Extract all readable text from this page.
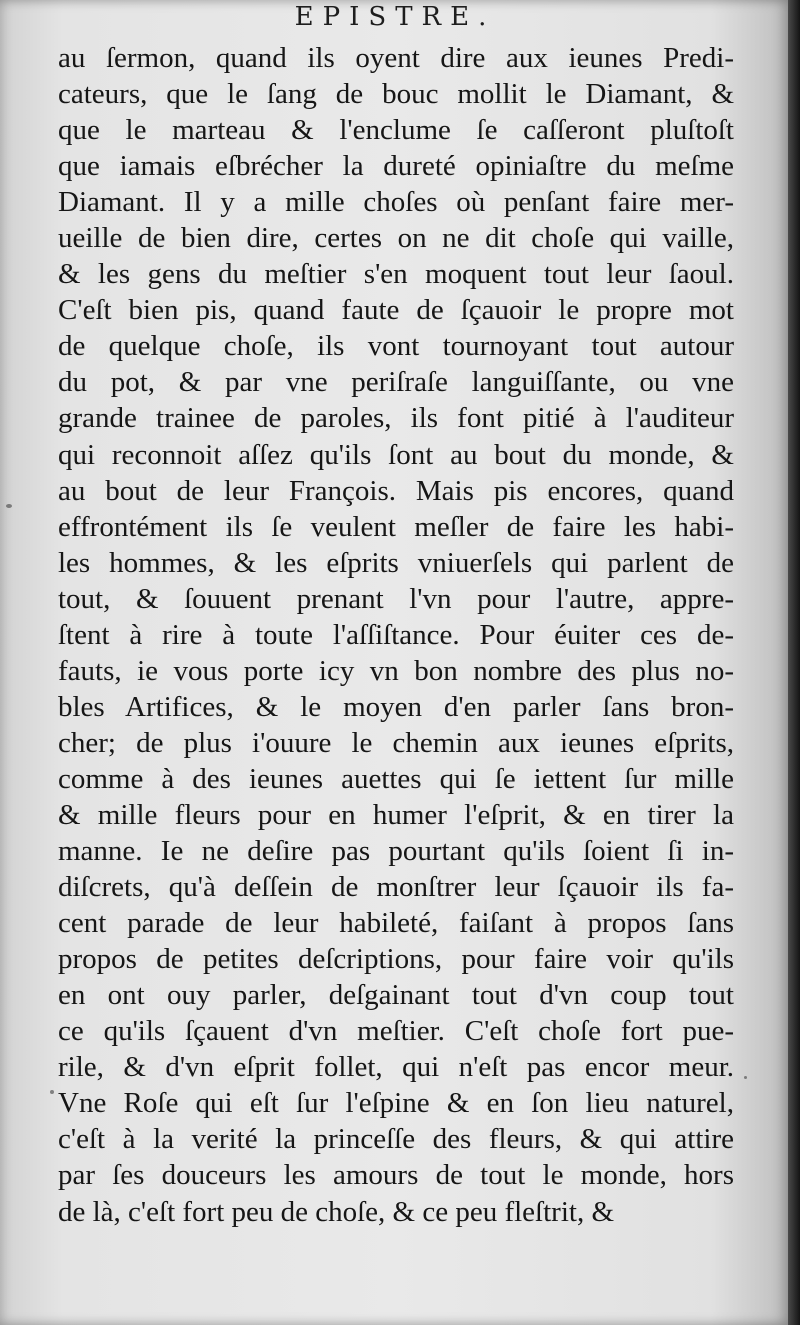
EPISTRE.
au ſermon, quand ils oyent dire aux ieunes Predi-
cateurs, que le ſang de bouc mollit le Diamant, &
que le marteau & l'enclume ſe caſſeront pluſtoſt
que iamais eſbrécher la dureté opiniaſtre du meſme
Diamant. Il y a mille choſes où penſant faire mer-
ueille de bien dire, certes on ne dit choſe qui vaille,
& les gens du meſtier s'en moquent tout leur ſaoul.
C'eſt bien pis, quand faute de ſçauoir le propre mot
de quelque choſe, ils vont tournoyant tout autour
du pot, & par vne periſraſe languiſſante, ou vne
grande trainee de paroles, ils font pitié à l'auditeur
qui reconnoit aſſez qu'ils ſont au bout du monde, &
au bout de leur François. Mais pis encores, quand
effrontément ils ſe veulent meſler de faire les habi-
les hommes, & les eſprits vniuerſels qui parlent de
tout, & ſouuent prenant l'vn pour l'autre, appre-
ſtent à rire à toute l'aſſiſtance. Pour éuiter ces de-
fauts, ie vous porte icy vn bon nombre des plus no-
bles Artifices, & le moyen d'en parler ſans bron-
cher; de plus i'ouure le chemin aux ieunes eſprits,
comme à des ieunes auettes qui ſe iettent ſur mille
& mille fleurs pour en humer l'eſprit, & en tirer la
manne. Ie ne deſire pas pourtant qu'ils ſoient ſi in-
diſcrets, qu'à deſſein de monſtrer leur ſçauoir ils fa-
cent parade de leur habileté, faiſant à propos ſans
propos de petites deſcriptions, pour faire voir qu'ils
en ont ouy parler, deſgainant tout d'vn coup tout
ce qu'ils ſçauent d'vn meſtier. C'eſt choſe fort pue-
rile, & d'vn eſprit follet, qui n'eſt pas encor meur.
Vne Roſe qui eſt ſur l'eſpine & en ſon lieu naturel,
c'eſt à la verité la princeſſe des fleurs, & qui attire
par ſes douceurs les amours de tout le monde, hors
de là, c'eſt fort peu de choſe, & ce peu fleſtrit, &
